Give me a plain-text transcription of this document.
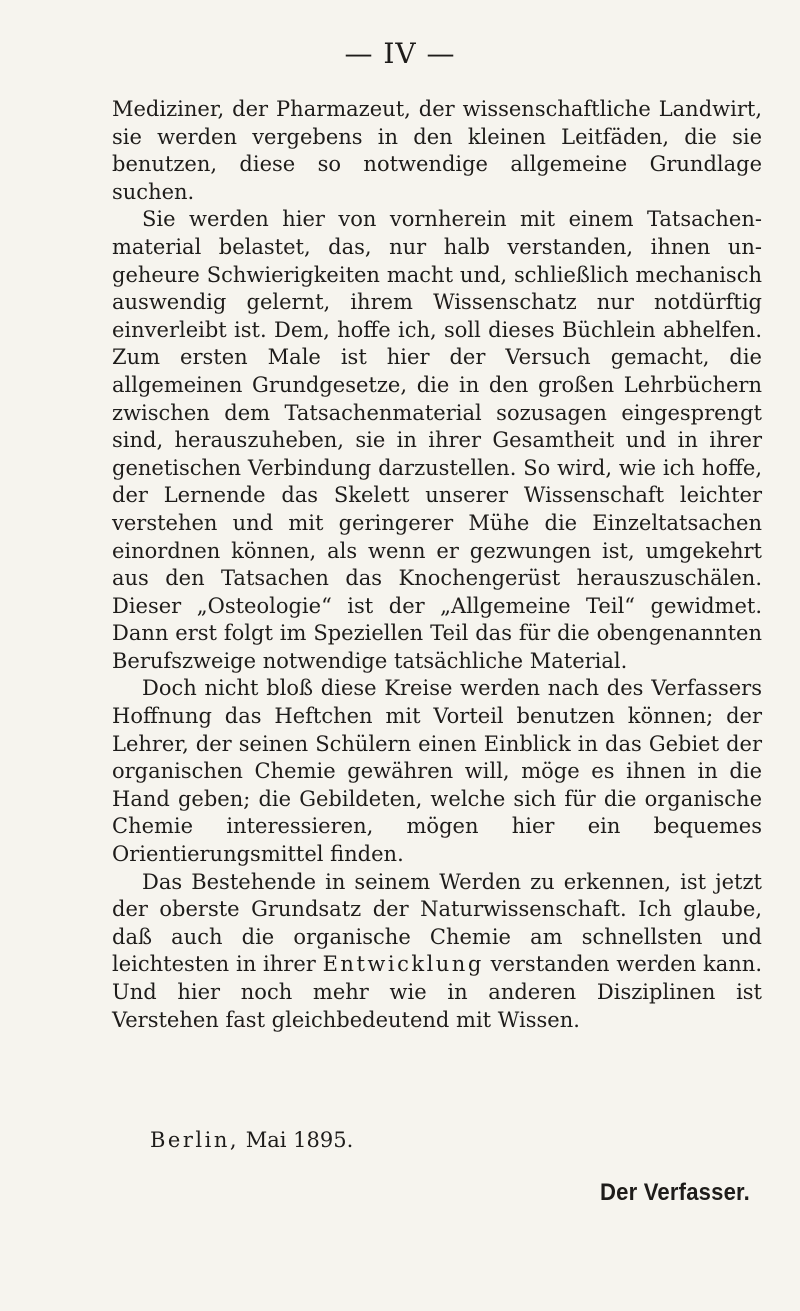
— IV —

Mediziner, der Pharmazeut, der wissenschaftliche Landwirt, sie werden vergebens in den kleinen Leitfäden, die sie benutzen, diese so notwendige allgemeine Grundlage suchen.

Sie werden hier von vornherein mit einem Tatsachenmaterial belastet, das, nur halb verstanden, ihnen ungeheure Schwierigkeiten macht und, schließlich mechanisch auswendig gelernt, ihrem Wissenschatz nur notdürftig einverleibt ist. Dem, hoffe ich, soll dieses Büchlein abhelfen. Zum ersten Male ist hier der Versuch gemacht, die allgemeinen Grundgesetze, die in den großen Lehrbüchern zwischen dem Tatsachenmaterial sozusagen eingesprengt sind, herauszuheben, sie in ihrer Gesamtheit und in ihrer genetischen Verbindung darzustellen. So wird, wie ich hoffe, der Lernende das Skelett unserer Wissenschaft leichter verstehen und mit geringerer Mühe die Einzeltatsachen einordnen können, als wenn er gezwungen ist, umgekehrt aus den Tatsachen das Knochengerüst herauszuschälen. Dieser „Osteologie“ ist der „Allgemeine Teil“ gewidmet. Dann erst folgt im Speziellen Teil das für die obengenannten Berufszweige notwendige tatsächliche Material.

Doch nicht bloß diese Kreise werden nach des Verfassers Hoffnung das Heftchen mit Vorteil benutzen können; der Lehrer, der seinen Schülern einen Einblick in das Gebiet der organischen Chemie gewähren will, möge es ihnen in die Hand geben; die Gebildeten, welche sich für die organische Chemie interessieren, mögen hier ein bequemes Orientierungsmittel finden.

Das Bestehende in seinem Werden zu erkennen, ist jetzt der oberste Grundsatz der Naturwissenschaft. Ich glaube, daß auch die organische Chemie am schnellsten und leichtesten in ihrer Entwicklung verstanden werden kann. Und hier noch mehr wie in anderen Disziplinen ist Verstehen fast gleichbedeutend mit Wissen.

Berlin, Mai 1895.
Der Verfasser.
